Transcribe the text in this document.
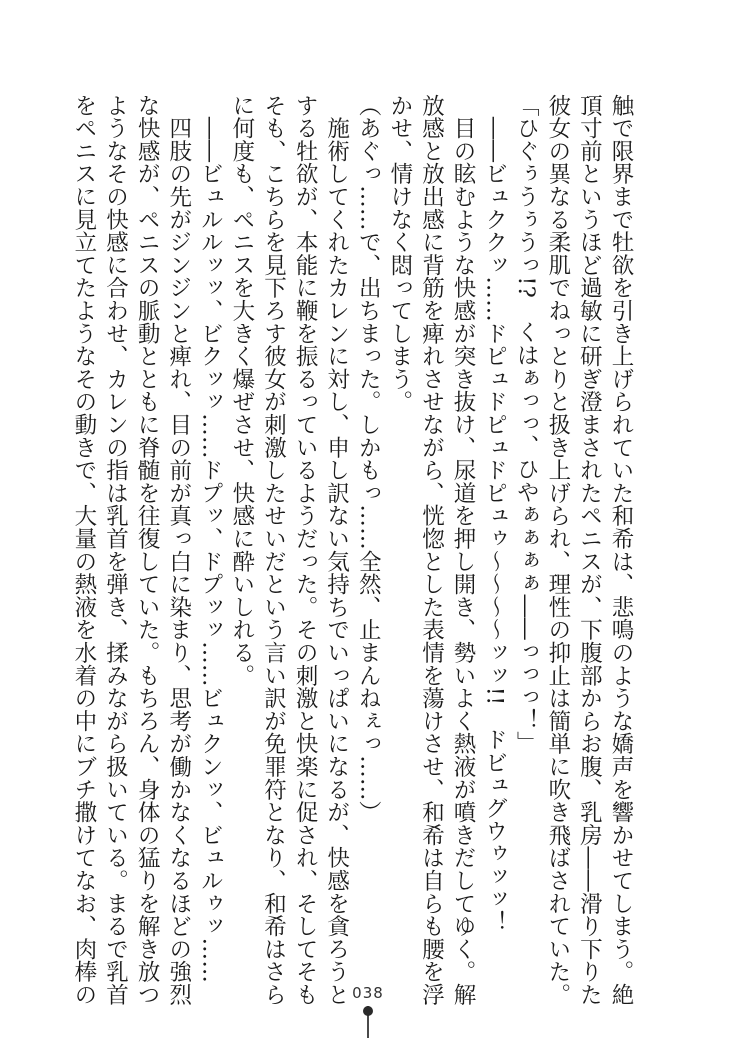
触で限界まで牡欲を引き上げられていた和希は、悲鳴のような嬌声を響かせてしまう。絶
頂寸前というほど過敏に研ぎ澄まされたペニスが、下腹部からお腹、乳房――滑り下りた
彼女の異なる柔肌でねっとりと扱き上げられ、理性の抑止は簡単に吹き飛ばされていた。
「ひぐぅうぅうっ!?　くはぁっっ、ひやぁぁぁぁ――っっっ！」
　――ビュククッ……ドピュドピュドピュゥ～～～～ッッ!!　ドビュグウゥッッ！
　目の眩むような快感が突き抜け、尿道を押し開き、勢いよく熱液が噴きだしてゆく。解
放感と放出感に背筋を痺れさせながら、恍惚とした表情を蕩けさせ、和希は自らも腰を浮
かせ、情けなく悶ってしまう。
（あぐっ……で、出ちまった。しかもっ……全然、止まんねぇっ……）
　施術してくれたカレンに対し、申し訳ない気持ちでいっぱいになるが、快感を貪ろうと
する牡欲が、本能に鞭を振るっているようだった。その刺激と快楽に促され、そしてそも
そも、こちらを見下ろす彼女が刺激したせいだという言い訳が免罪符となり、和希はさら
に何度も、ペニスを大きく爆ぜさせ、快感に酔いしれる。
　――ビュルルッッ、ビクッッ……ドプッ、ドプッッ……ビュクンッ、ビュルゥッ……
　四肢の先がジンジンと痺れ、目の前が真っ白に染まり、思考が働かなくなるほどの強烈
な快感が、ペニスの脈動とともに脊髄を往復していた。もちろん、身体の猛りを解き放つ
ようなその快感に合わせ、カレンの指は乳首を弾き、揉みながら扱いている。まるで乳首
をペニスに見立てたようなその動きで、大量の熱液を水着の中にブチ撒けてなお、肉棒の	038
